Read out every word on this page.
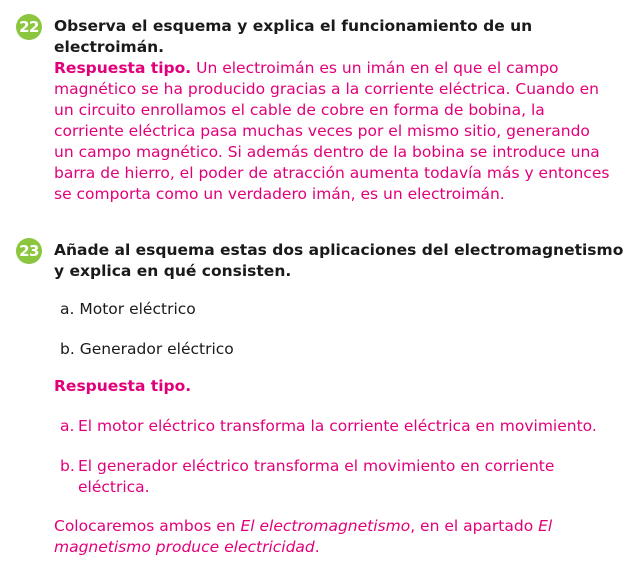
22 Observa el esquema y explica el funcionamiento de un electroimán.
Respuesta tipo. Un electroimán es un imán en el que el campo magnético se ha producido gracias a la corriente eléctrica. Cuando en un circuito enrollamos el cable de cobre en forma de bobina, la corriente eléctrica pasa muchas veces por el mismo sitio, generando un campo magnético. Si además dentro de la bobina se introduce una barra de hierro, el poder de atracción aumenta todavía más y entonces se comporta como un verdadero imán, es un electroimán.
23 Añade al esquema estas dos aplicaciones del electromagnetismo y explica en qué consisten.
a. Motor eléctrico
b. Generador eléctrico
Respuesta tipo.
a. El motor eléctrico transforma la corriente eléctrica en movimiento.
b. El generador eléctrico transforma el movimiento en corriente eléctrica.
Colocaremos ambos en El electromagnetismo, en el apartado El magnetismo produce electricidad.
